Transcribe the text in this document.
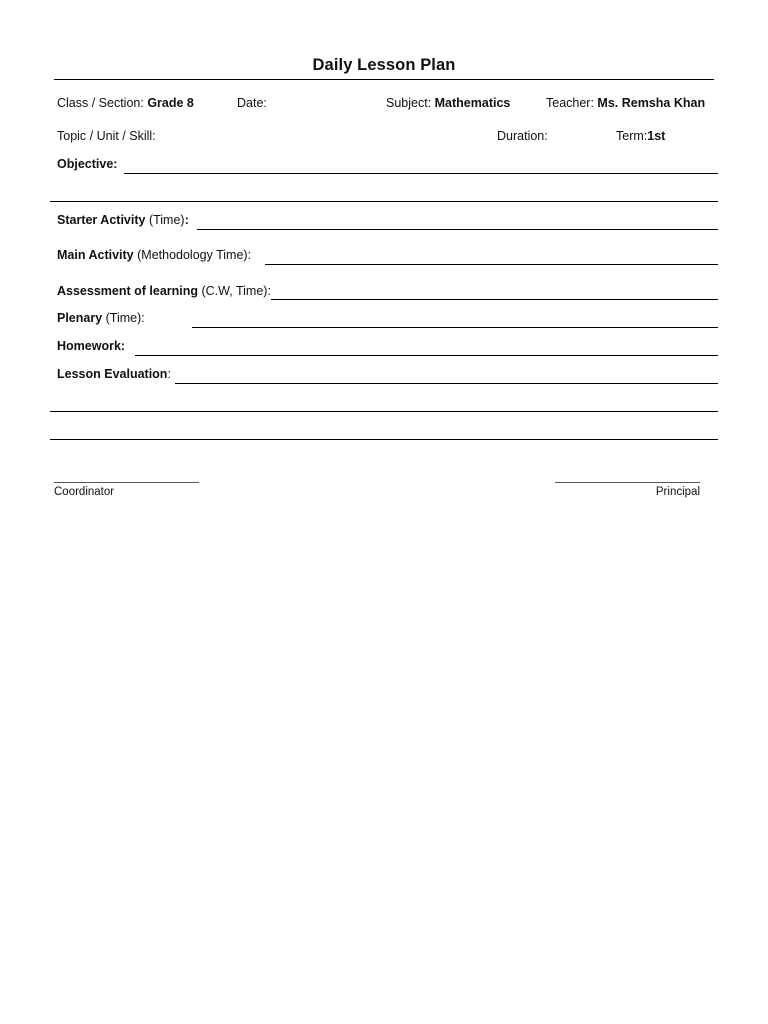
Daily Lesson Plan
Class / Section: Grade 8	Date:	Subject: Mathematics	Teacher: Ms. Remsha Khan
Topic / Unit / Skill:	Duration:	Term:1st
Objective:
Starter Activity (Time):
Main Activity (Methodology Time):
Assessment of learning (C.W, Time):
Plenary (Time):
Homework:
Lesson Evaluation:
Coordinator	Principal
